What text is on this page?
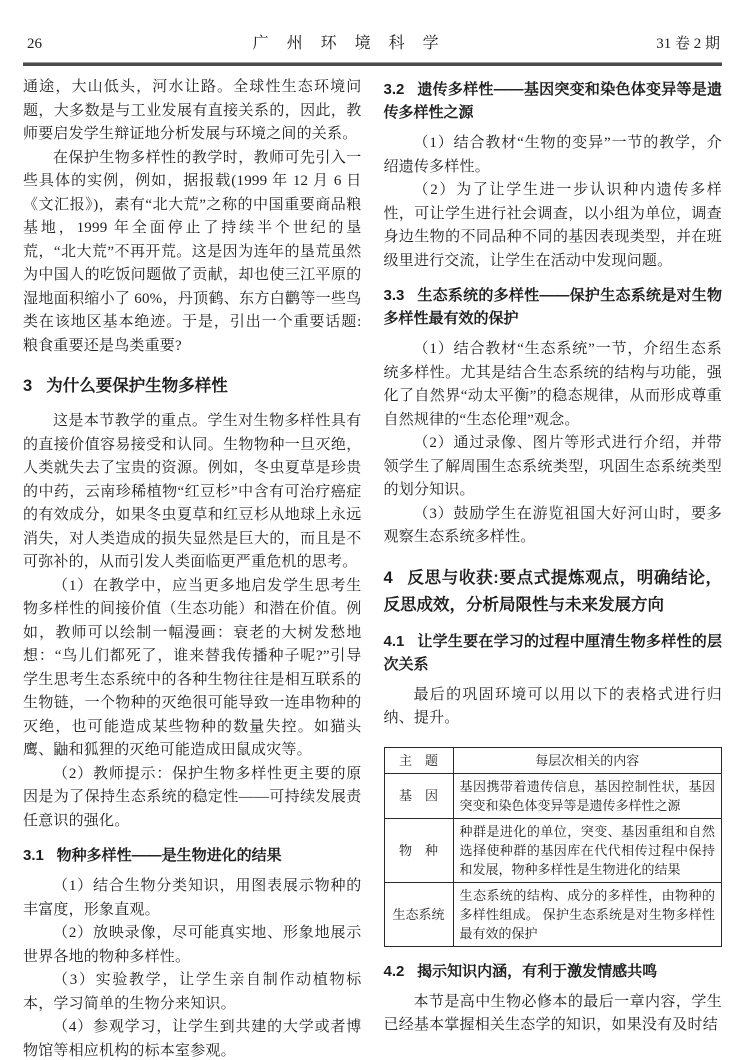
26	广 州 环 境 科 学	31 卷 2 期

通途，大山低头，河水让路。全球性生态环境问题，大多数是与工业发展有直接关系的，因此，教师要启发学生辩证地分析发展与环境之间的关系。

在保护生物多样性的教学时，教师可先引入一些具体的实例，例如，据报载(1999 年 12 月 6 日《文汇报》)，素有“北大荒”之称的中国重要商品粮基地，1999 年全面停止了持续半个世纪的垦荒，“北大荒”不再开荒。这是因为连年的垦荒虽然为中国人的吃饭问题做了贡献，却也使三江平原的湿地面积缩小了 60%，丹顶鹤、东方白鹳等一些鸟类在该地区基本绝迹。于是，引出一个重要话题:粮食重要还是鸟类重要?

3 为什么要保护生物多样性

这是本节教学的重点。学生对生物多样性具有的直接价值容易接受和认同。生物物种一旦灭绝，人类就失去了宝贵的资源。例如，冬虫夏草是珍贵的中药，云南珍稀植物“红豆杉”中含有可治疗癌症的有效成分，如果冬虫夏草和红豆杉从地球上永远消失，对人类造成的损失显然是巨大的，而且是不可弥补的，从而引发人类面临更严重危机的思考。

（1）在教学中，应当更多地启发学生思考生物多样性的间接价值（生态功能）和潜在价值。例如，教师可以绘制一幅漫画：衰老的大树发愁地想：“鸟儿们都死了，谁来替我传播种子呢?”引导学生思考生态系统中的各种生物往往是相互联系的生物链，一个物种的灭绝很可能导致一连串物种的灭绝，也可能造成某些物种的数量失控。如猫头鹰、鼬和狐狸的灭绝可能造成田鼠成灾等。

（2）教师提示：保护生物多样性更主要的原因是为了保持生态系统的稳定性——可持续发展责任意识的强化。

3.1 物种多样性——是生物进化的结果

（1）结合生物分类知识，用图表展示物种的丰富度，形象直观。

（2）放映录像，尽可能真实地、形象地展示世界各地的物种多样性。

（3）实验教学，让学生亲自制作动植物标本，学习简单的生物分来知识。

（4）参观学习，让学生到共建的大学或者博物馆等相应机构的标本室参观。

3.2 遗传多样性——基因突变和染色体变异等是遗传多样性之源

（1）结合教材“生物的变异”一节的教学，介绍遗传多样性。

（2）为了让学生进一步认识种内遗传多样性，可让学生进行社会调查，以小组为单位，调查身边生物的不同品种不同的基因表现类型，并在班级里进行交流，让学生在活动中发现问题。

3.3 生态系统的多样性——保护生态系统是对生物多样性最有效的保护

（1）结合教材“生态系统”一节，介绍生态系统多样性。尤其是结合生态系统的结构与功能，强化了自然界“动太平衡”的稳态规律，从而形成尊重自然规律的“生态伦理”观念。

（2）通过录像、图片等形式进行介绍，并带领学生了解周围生态系统类型，巩固生态系统类型的划分知识。

（3）鼓励学生在游览祖国大好河山时，要多观察生态系统多样性。

4 反思与收获:要点式提炼观点，明确结论，反思成效，分析局限性与未来发展方向
4.1 让学生要在学习的过程中厘清生物多样性的层次关系

最后的巩固环境可以用以下的表格式进行归纳、提升。

主　题	每层次相关的内容
基　因	基因携带着遗传信息，基因控制性状，基因突变和染色体变异等是遗传多样性之源
物　种	种群是进化的单位，突变、基因重组和自然选择使种群的基因库在代代相传过程中保持和发展，物种多样性是生物进化的结果
生态系统	生态系统的结构、成分的多样性，由物种的多样性组成。 保护生态系统是对生物多样性最有效的保护
4.2 揭示知识内涵，有利于激发情感共鸣

本节是高中生物必修本的最后一章内容，学生已经基本掌握相关生态学的知识，如果没有及时结
